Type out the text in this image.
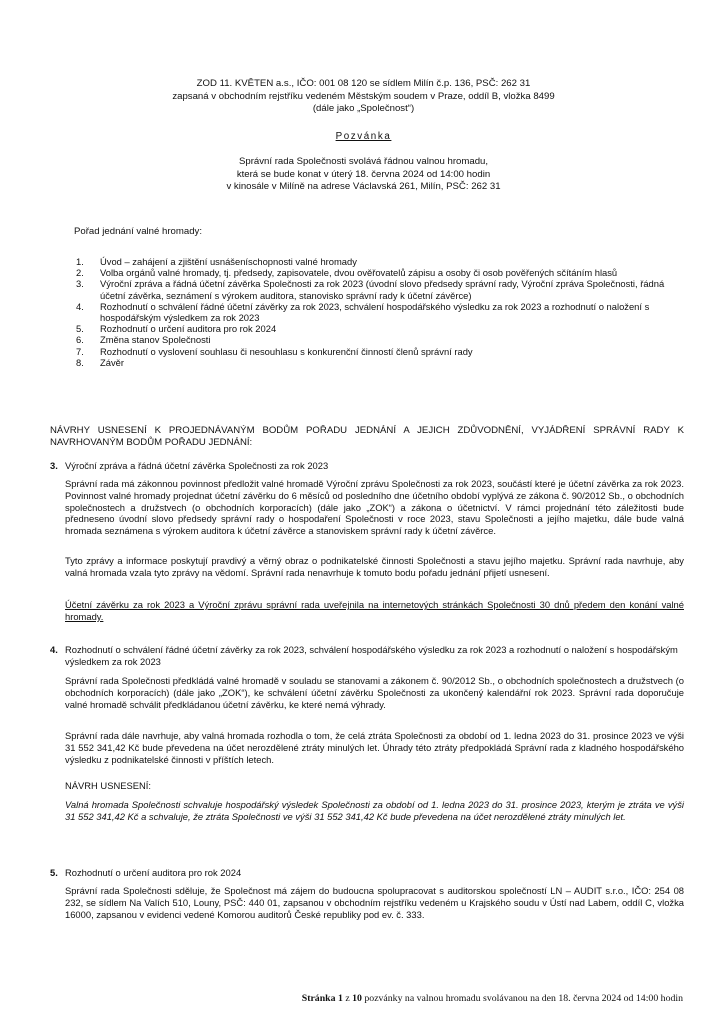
ZOD 11. KVĚTEN a.s., IČO: 001 08 120 se sídlem Milín č.p. 136, PSČ: 262 31
zapsaná v obchodním rejstříku vedeném Městským soudem v Praze, oddíl B, vložka 8499
(dále jako „Společnost“)
Pozvánka
Správní rada Společnosti svolává řádnou valnou hromadu,
která se bude konat v úterý 18. června 2024 od 14:00 hodin
v kinosále v Milíně na adrese Václavská 261, Milín, PSČ: 262 31
Pořad jednání valné hromady:
1. Úvod – zahájení a zjištění usnášeníschopnosti valné hromady
2. Volba orgánů valné hromady, tj. předsedy, zapisovatele, dvou ověřovatelů zápisu a osoby či osob pověřených sčítáním hlasů
3. Výroční zpráva a řádná účetní závěrka Společnosti za rok 2023 (úvodní slovo předsedy správní rady, Výroční zpráva Společnosti, řádná účetní závěrka, seznámení s výrokem auditora, stanovisko správní rady k účetní závěrce)
4. Rozhodnutí o schválení řádné účetní závěrky za rok 2023, schválení hospodářského výsledku za rok 2023 a rozhodnutí o naložení s hospodářským výsledkem za rok 2023
5. Rozhodnutí o určení auditora pro rok 2024
6. Změna stanov Společnosti
7. Rozhodnutí o vyslovení souhlasu či nesouhlasu s konkurenční činností členů správní rady
8. Závěr
NÁVRHY USNESENÍ K PROJEDNÁVANÝM BODŮM POŘADU JEDNÁNÍ A JEJICH ZDŮVODNĚNÍ, VYJÁDŘENÍ SPRÁVNÍ RADY K NAVRHOVANÝM BODŮM POŘADU JEDNÁNÍ:
3. Výroční zpráva a řádná účetní závěrka Společnosti za rok 2023

Správní rada má zákonnou povinnost předložit valné hromadě Výroční zprávu Společnosti za rok 2023, součástí které je účetní závěrka za rok 2023. Povinnost valné hromady projednat účetní závěrku do 6 měsíců od posledního dne účetního období vyplývá ze zákona č. 90/2012 Sb., o obchodních společnostech a družstvech (o obchodních korporacích) (dále jako „ZOK“) a zákona o účetnictví. V rámci projednání této záležitosti bude předneseno úvodní slovo předsedy správní rady o hospodaření Společnosti v roce 2023, stavu Společnosti a jejího majetku, dále bude valná hromada seznámena s výrokem auditora k účetní závěrce a stanoviskem správní rady k účetní závěrce.

Tyto zprávy a informace poskytují pravdivý a věrný obraz o podnikatelské činnosti Společnosti a stavu jejího majetku. Správní rada navrhuje, aby valná hromada vzala tyto zprávy na vědomí. Správní rada nenavrhuje k tomuto bodu pořadu jednání přijetí usnesení.

Účetní závěrku za rok 2023 a Výroční zprávu správní rada uveřejnila na internetových stránkách Společnosti 30 dnů předem den konání valné hromady.

4. Rozhodnutí o schválení řádné účetní závěrky za rok 2023, schválení hospodářského výsledku za rok 2023 a rozhodnutí o naložení s hospodářským výsledkem za rok 2023

Správní rada Společnosti předkládá valné hromadě v souladu se stanovami a zákonem č. 90/2012 Sb., o obchodních společnostech a družstvech (o obchodních korporacích) (dále jako „ZOK“), ke schválení účetní závěrku Společnosti za ukončený kalendářní rok 2023. Správní rada doporučuje valné hromadě schválit předkládanou účetní závěrku, ke které nemá výhrady.

Správní rada dále navrhuje, aby valná hromada rozhodla o tom, že celá ztráta Společnosti za období od 1. ledna 2023 do 31. prosince 2023 ve výši 31 552 341,42 Kč bude převedena na účet nerozdělené ztráty minulých let. Úhrady této ztráty předpokládá Správní rada z kladného hospodářského výsledku z podnikatelské činnosti v příštích letech.

NÁVRH USNESENÍ:

Valná hromada Společnosti schvaluje hospodářský výsledek Společnosti za období od 1. ledna 2023 do 31. prosince 2023, kterým je ztráta ve výši 31 552 341,42 Kč a schvaluje, že ztráta Společnosti ve výši 31 552 341,42 Kč bude převedena na účet nerozdělené ztráty minulých let.

5. Rozhodnutí o určení auditora pro rok 2024

Správní rada Společnosti sděluje, že Společnost má zájem do budoucna spolupracovat s auditorskou společností LN – AUDIT s.r.o., IČO: 254 08 232, se sídlem Na Valích 510, Louny, PSČ: 440 01, zapsanou v obchodním rejstříku vedeném u Krajského soudu v Ústí nad Labem, oddíl C, vložka 16000, zapsanou v evidenci vedené Komorou auditorů České republiky pod ev. č. 333.

Stránka 1 z 10 pozvánky na valnou hromadu svolávanou na den 18. června 2024 od 14:00 hodin
